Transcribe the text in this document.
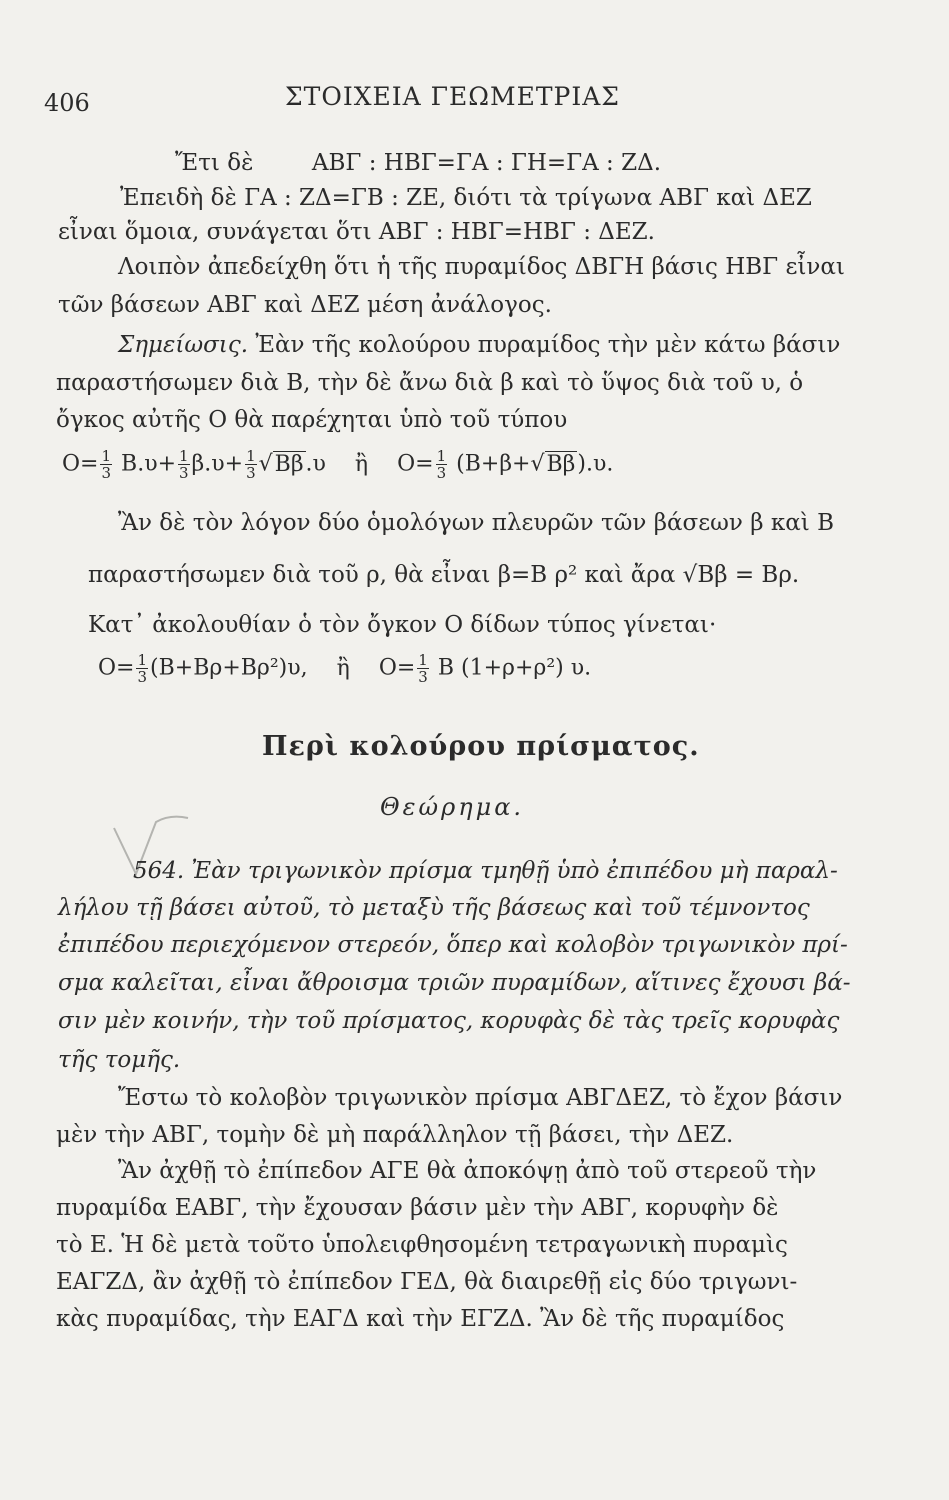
406	ΣΤΟΙΧΕΙΑ ΓΕΩΜΕΤΡΙΑΣ
Ἔτι δὲ        ΑΒΓ : ΗΒΓ=ΓΑ : ΓΗ=ΓΑ : ΖΔ.
Ἐπειδὴ δὲ ΓΑ : ΖΔ=ΓΒ : ΖΕ, διότι τὰ τρίγωνα ΑΒΓ καὶ ΔΕΖ
εἶναι ὅμοια, συνάγεται ὅτι ΑΒΓ : ΗΒΓ=ΗΒΓ : ΔΕΖ.
Λοιπὸν ἀπεδείχθη ὅτι ἡ τῆς πυραμίδος ΔΒΓΗ βάσις ΗΒΓ εἶναι
τῶν βάσεων ΑΒΓ καὶ ΔΕΖ μέση ἀνάλογος.
Σημείωσις. Ἐὰν τῆς κολούρου πυραμίδος τὴν μὲν κάτω βάσιν
παραστήσωμεν διὰ Β, τὴν δὲ ἄνω διὰ β καὶ τὸ ὕψος διὰ τοῦ υ, ὁ
ὄγκος αὐτῆς Ο θὰ παρέχηται ὑπὸ τοῦ τύπου
$O= \frac{1}{3} B.\upsilon+ \frac{1}{3} \beta.\upsilon+ \frac{1}{3} √B\beta.\upsilon$ ἢ $O= \frac{1}{3} (B+\beta+√B\beta).\upsilon$.
Ἂν δὲ τὸν λόγον δύο ὁμολόγων πλευρῶν τῶν βάσεων β καὶ Β
παραστήσωμεν διὰ τοῦ ρ, θὰ εἶναι β=Β ρ² καὶ ἄρα √Ββ = Βρ.
Κατ᾽ ἀκολουθίαν ὁ τὸν ὄγκον Ο δίδων τύπος γίνεται·
$O= \frac{1}{3} (B+B\rho+B\rho^2)\upsilon$, ἢ $O= \frac{1}{3}$ Β (1+ρ+ρ²) υ.
Περὶ κολούρου πρίσματος.
Θεώρημα.
564. Ἐὰν τριγωνικὸν πρίσμα τμηθῇ ὑπὸ ἐπιπέδου μὴ παραλ-
λήλου τῇ βάσει αὐτοῦ, τὸ μεταξὺ τῆς βάσεως καὶ τοῦ τέμνοντος
ἐπιπέδου περιεχόμενον στερεόν, ὅπερ καὶ κολοβὸν τριγωνικὸν πρί-
σμα καλεῖται, εἶναι ἄθροισμα τριῶν πυραμίδων, αἵτινες ἔχουσι βά-
σιν μὲν κοινήν, τὴν τοῦ πρίσματος, κορυφὰς δὲ τὰς τρεῖς κορυφὰς
τῆς τομῆς.
Ἔστω τὸ κολοβὸν τριγωνικὸν πρίσμα ΑΒΓΔΕΖ, τὸ ἔχον βάσιν
μὲν τὴν ΑΒΓ, τομὴν δὲ μὴ παράλληλον τῇ βάσει, τὴν ΔΕΖ.
Ἂν ἀχθῇ τὸ ἐπίπεδον ΑΓΕ θὰ ἀποκόψῃ ἀπὸ τοῦ στερεοῦ τὴν
πυραμίδα ΕΑΒΓ, τὴν ἔχουσαν βάσιν μὲν τὴν ΑΒΓ, κορυφὴν δὲ
τὸ Ε. Ἡ δὲ μετὰ τοῦτο ὑπολειφθησομένη τετραγωνικὴ πυραμὶς
ΕΑΓΖΔ, ἂν ἀχθῇ τὸ ἐπίπεδον ΓΕΔ, θὰ διαιρεθῇ εἰς δύο τριγωνι-
κὰς πυραμίδας, τὴν ΕΑΓΔ καὶ τὴν ΕΓΖΔ. Ἂν δὲ τῆς πυραμίδος
